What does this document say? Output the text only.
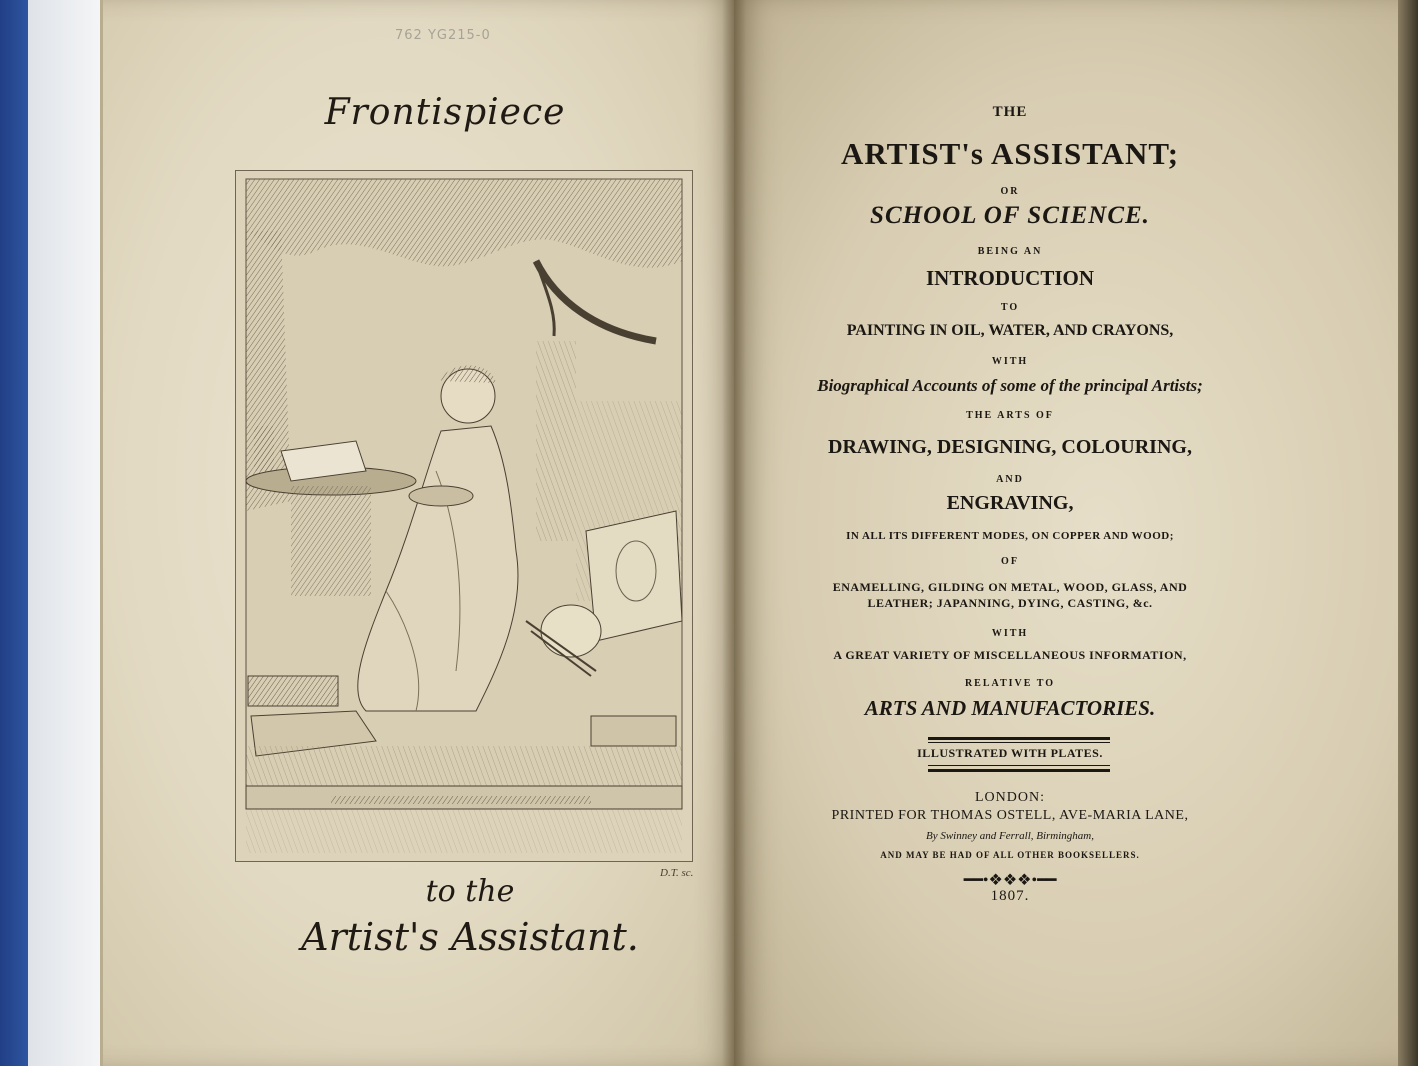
762 YG215-0
Frontispiece
D.T. sc.
to the
Artist's Assistant.
THE
ARTIST's ASSISTANT;
OR
SCHOOL OF SCIENCE.
BEING AN
INTRODUCTION
TO
PAINTING IN OIL, WATER, AND CRAYONS,
WITH
Biographical Accounts of some of the principal Artists;
THE ARTS OF
DRAWING, DESIGNING, COLOURING,
AND
ENGRAVING,
IN ALL ITS DIFFERENT MODES, ON COPPER AND WOOD;
OF
ENAMELLING, GILDING ON METAL, WOOD, GLASS, AND
LEATHER; JAPANNING, DYING, CASTING, &c.
WITH
A GREAT VARIETY OF MISCELLANEOUS INFORMATION,
RELATIVE TO
ARTS AND MANUFACTORIES.
ILLUSTRATED WITH PLATES.
LONDON:
PRINTED FOR THOMAS OSTELL, AVE-MARIA LANE,
By Swinney and Ferrall, Birmingham,
AND MAY BE HAD OF ALL OTHER BOOKSELLERS.
1807.
━━•❖❖❖•━━
